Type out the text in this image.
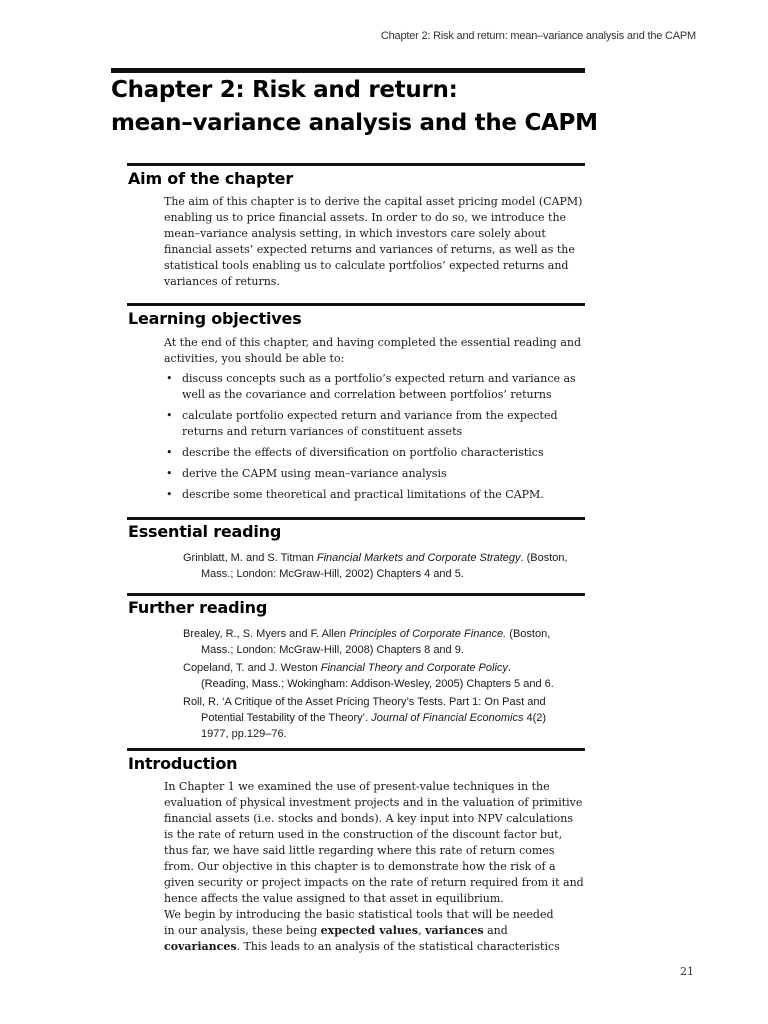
Chapter 2: Risk and return: mean–variance analysis and the CAPM
Chapter 2: Risk and return:
mean–variance analysis and the CAPM
Aim of the chapter

The aim of this chapter is to derive the capital asset pricing model (CAPM)
enabling us to price financial assets. In order to do so, we introduce the
mean–variance analysis setting, in which investors care solely about
financial assets’ expected returns and variances of returns, as well as the
statistical tools enabling us to calculate portfolios’ expected returns and
variances of returns.

Learning objectives

At the end of this chapter, and having completed the essential reading and
activities, you should be able to:

• discuss concepts such as a portfolio’s expected return and variance as
well as the covariance and correlation between portfolios’ returns
• calculate portfolio expected return and variance from the expected
returns and return variances of constituent assets
• describe the effects of diversification on portfolio characteristics
• derive the CAPM using mean–variance analysis
• describe some theoretical and practical limitations of the CAPM.
Essential reading
Grinblatt, M. and S. Titman Financial Markets and Corporate Strategy. (Boston,
Mass.; London: McGraw-Hill, 2002) Chapters 4 and 5.
Further reading
Brealey, R., S. Myers and F. Allen Principles of Corporate Finance. (Boston,
Mass.; London: McGraw-Hill, 2008) Chapters 8 and 9.
Copeland, T. and J. Weston Financial Theory and Corporate Policy.
(Reading, Mass.; Wokingham: Addison-Wesley, 2005) Chapters 5 and 6.
Roll, R. ‘A Critique of the Asset Pricing Theory’s Tests. Part 1: On Past and
Potential Testability of the Theory’. Journal of Financial Economics 4(2)
1977, pp.129–76.
Introduction

In Chapter 1 we examined the use of present-value techniques in the
evaluation of physical investment projects and in the valuation of primitive
financial assets (i.e. stocks and bonds). A key input into NPV calculations
is the rate of return used in the construction of the discount factor but,
thus far, we have said little regarding where this rate of return comes
from. Our objective in this chapter is to demonstrate how the risk of a
given security or project impacts on the rate of return required from it and
hence affects the value assigned to that asset in equilibrium.

We begin by introducing the basic statistical tools that will be needed
in our analysis, these being expected values, variances and
covariances. This leads to an analysis of the statistical characteristics

21
